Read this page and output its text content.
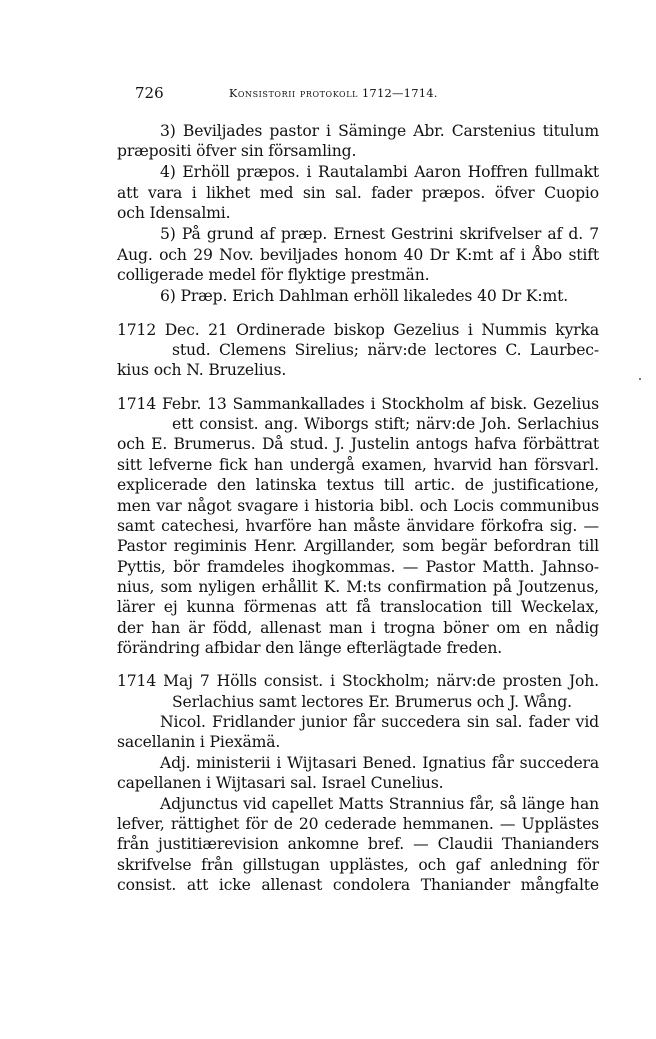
726	Konsistorii protokoll 1712—1714.
3) Beviljades pastor i Säminge Abr. Carstenius titulum
præpositi öfver sin församling.
4) Erhöll præpos. i Rautalambi Aaron Hoffren fullmakt
att vara i likhet med sin sal. fader præpos. öfver Cuopio
och Idensalmi.
5) På grund af præp. Ernest Gestrini skrifvelser af d. 7
Aug. och 29 Nov. beviljades honom 40 Dr K:mt af i Åbo stift
colligerade medel för flyktige prestmän.
6) Præp. Erich Dahlman erhöll likaledes 40 Dr K:mt.
1712 Dec. 21 Ordinerade biskop Gezelius i Nummis kyrka
stud. Clemens Sirelius; närv:de lectores C. Laurbec-
kius och N. Bruzelius.
1714 Febr. 13 Sammankallades i Stockholm af bisk. Gezelius
ett consist. ang. Wiborgs stift; närv:de Joh. Serlachius
och E. Brumerus. Då stud. J. Justelin antogs hafva förbättrat
sitt lefverne fick han undergå examen, hvarvid han försvarl.
explicerade den latinska textus till artic. de justificatione,
men var något svagare i historia bibl. och Locis communibus
samt catechesi, hvarföre han måste änvidare förkofra sig. —
Pastor regiminis Henr. Argillander, som begär befordran till
Pyttis, bör framdeles ihogkommas. — Pastor Matth. Jahnso-
nius, som nyligen erhållit K. M:ts confirmation på Joutzenus,
lärer ej kunna förmenas att få translocation till Weckelax,
der han är född, allenast man i trogna böner om en nådig
förändring afbidar den länge efterlägtade freden.
1714 Maj 7 Hölls consist. i Stockholm; närv:de prosten Joh.
Serlachius samt lectores Er. Brumerus och J. Wång.
Nicol. Fridlander junior får succedera sin sal. fader vid
sacellanin i Piexämä.
Adj. ministerii i Wijtasari Bened. Ignatius får succedera
capellanen i Wijtasari sal. Israel Cunelius.
Adjunctus vid capellet Matts Strannius får, så länge han
lefver, rättighet för de 20 cederade hemmanen. — Upplästes
från justitiærevision ankomne bref. — Claudii Thanianders
skrifvelse från gillstugan upplästes, och gaf anledning för
consist. att icke allenast condolera Thaniander mångfalte
